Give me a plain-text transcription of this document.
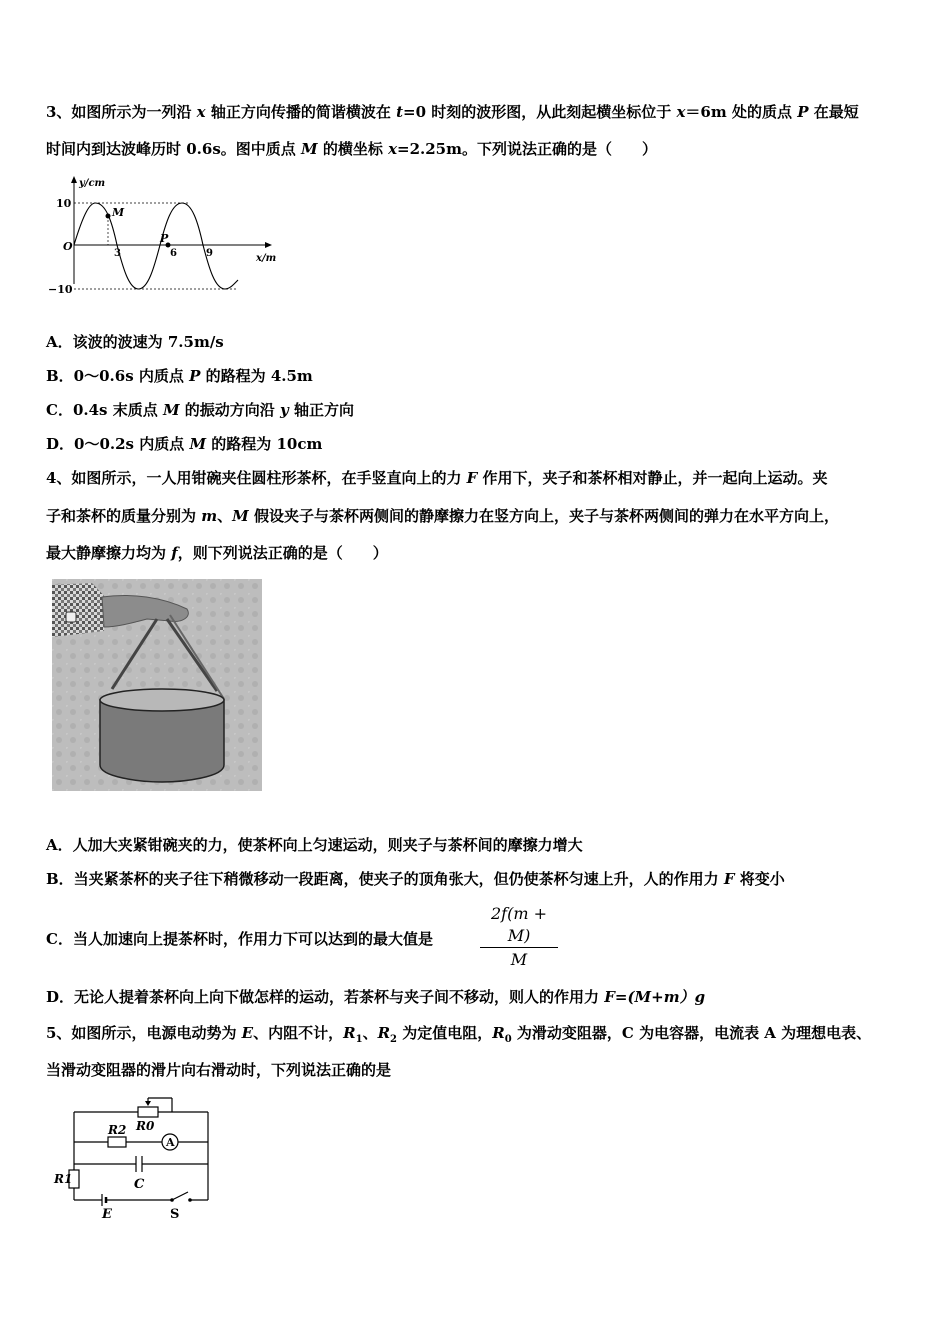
3、如图所示为一列沿 x 轴正方向传播的简谐横波在 t=0 时刻的波形图，从此刻起横坐标位于 x＝6m 处的质点 P 在最短
时间内到达波峰历时 0.6s。图中质点 M 的横坐标 x=2.25m。下列说法正确的是（　　）
y/cm
x/m
O
10
−10
3	6	9
M
P
A．该波的波速为 7.5m/s
B．0～0.6s 内质点 P 的路程为 4.5m
C．0.4s 末质点 M 的振动方向沿 y 轴正方向
D．0～0.2s 内质点 M 的路程为 10cm
4、如图所示，一人用钳碗夹住圆柱形茶杯，在手竖直向上的力 F 作用下，夹子和茶杯相对静止，并一起向上运动。夹
子和茶杯的质量分别为 m、M 假设夹子与茶杯两侧间的静摩擦力在竖方向上，夹子与茶杯两侧间的弹力在水平方向上，
最大静摩擦力均为 f，则下列说法正确的是（　　）
A．人加大夹紧钳碗夹的力，使茶杯向上匀速运动，则夹子与茶杯间的摩擦力增大
B．当夹紧茶杯的夹子往下稍微移动一段距离，使夹子的顶角张大，但仍使茶杯匀速上升，人的作用力 F 将变小
C．当人加速向上提茶杯时，作用力下可以达到的最大值是	$\frac{2f(m + M)}{M}$
D．无论人提着茶杯向上向下做怎样的运动，若茶杯与夹子间不移动，则人的作用力 F=(M+m）g
5、如图所示，电源电动势为 E、内阻不计，$R_1$、$R_2$ 为定值电阻，$R_0$ 为滑动变阻器，C 为电容器，电流表 A 为理想电表、
当滑动变阻器的滑片向右滑动时，下列说法正确的是
R0
R2
A
C
R1
E	S
